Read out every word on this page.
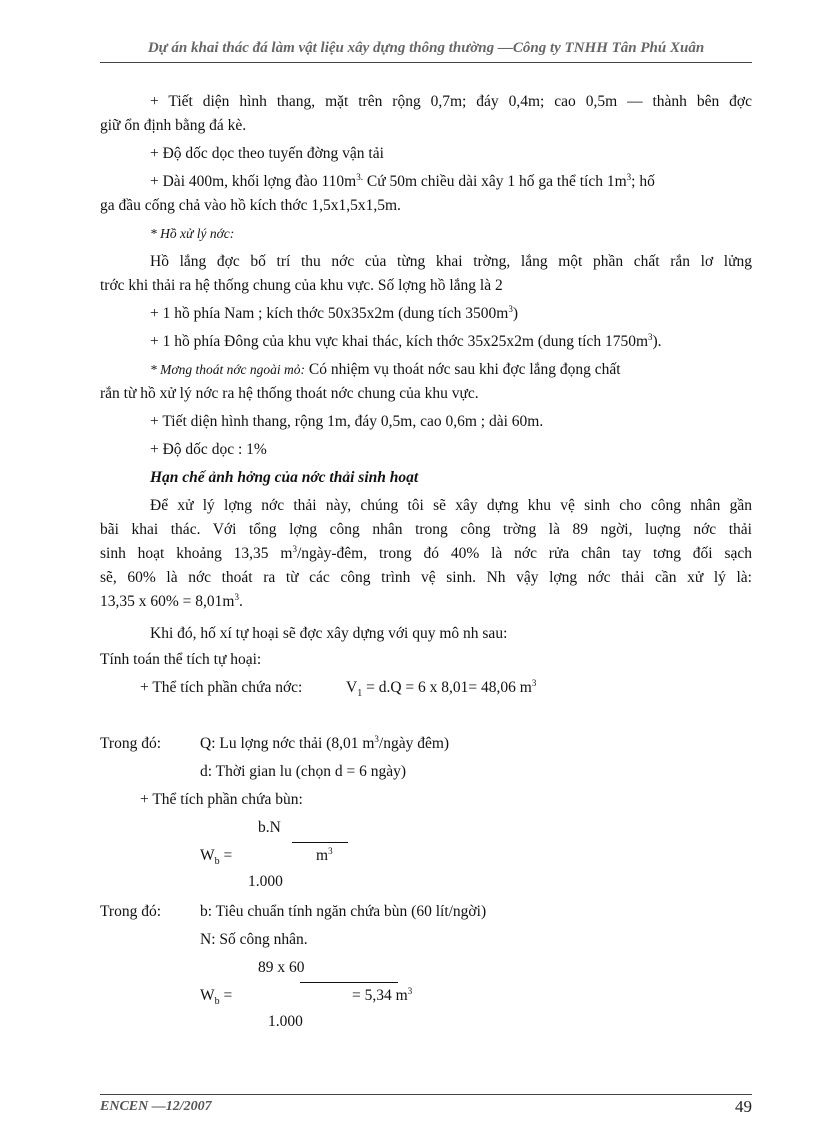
Dự án khai thác đá làm vật liệu xây dựng thông thường —Công ty TNHH Tân Phú Xuân
+ Tiết diện hình thang, mặt trên rộng 0,7m; đáy 0,4m; cao 0,5m — thành bên đợc
giữ ổn định bằng đá kè.
+ Độ dốc dọc theo tuyến đờng vận tải
+ Dài 400m, khối lợng đào $110m^{3.}$ Cứ 50m chiều dài xây 1 hố ga thể tích $1m^3$; hố
ga đầu cống chả vào hồ kích thớc 1,5x1,5x1,5m.
* Hồ xử lý nớc:
Hồ lắng đợc bố trí thu nớc của từng khai trờng, lắng một phần chất rắn lơ lửng
trớc khi thải ra hệ thống chung của khu vực. Số lợng hồ lắng là 2
+ 1 hồ phía Nam ; kích thớc 50x35x2m (dung tích $3500m^3$)
+ 1 hồ phía Đông của khu vực khai thác, kích thớc 35x25x2m (dung tích $1750m^3$).
* Mơng thoát nớc ngoài mỏ: Có nhiệm vụ thoát nớc sau khi đợc lắng đọng chất
rắn từ hồ xử lý nớc ra hệ thống thoát nớc chung của khu vực.
+ Tiết diện hình thang, rộng 1m, đáy 0,5m, cao 0,6m ; dài 60m.
+ Độ dốc dọc : 1%
Hạn chế ảnh hởng của nớc thải sinh hoạt
Để xử lý lợng nớc thải này, chúng tôi sẽ xây dựng khu vệ sinh cho công nhân gần
bãi khai thác. Với tổng lợng công nhân trong công trờng là 89 ngời, luợng nớc thải
sinh hoạt khoảng 13,35 $m^3/ngày$-đêm, trong đó 40% là nớc rửa chân tay tơng đối sạch
sẽ, 60% là nớc thoát ra từ các công trình vệ sinh. Nh vậy lợng nớc thải cần xử lý là:
13,35 x $60\% = 8,01m^3$.
Khi đó, hố xí tự hoại sẽ đợc xây dựng với quy mô nh sau:
Tính toán thể tích tự hoại:
+ Thể tích phần chứa nớc:	$V_1 = d.Q = 6$ x 8,01= 48,06 $m^3$
Trong đó:	Q: Lu lợng nớc thải (8,01 $m^3$/ngày đêm)
d: Thời gian lu (chọn d = 6 ngày)
+ Thể tích phần chứa bùn:
b.N
$W_b$ =	$m^3$
1.000
Trong đó:	b: Tiêu chuẩn tính ngăn chứa bùn (60 lít/ngời)
N: Số công nhân.
89 x 60
$W_b$ =	= 5,34 $m^3$
1.000
ENCEN —12/2007	49
